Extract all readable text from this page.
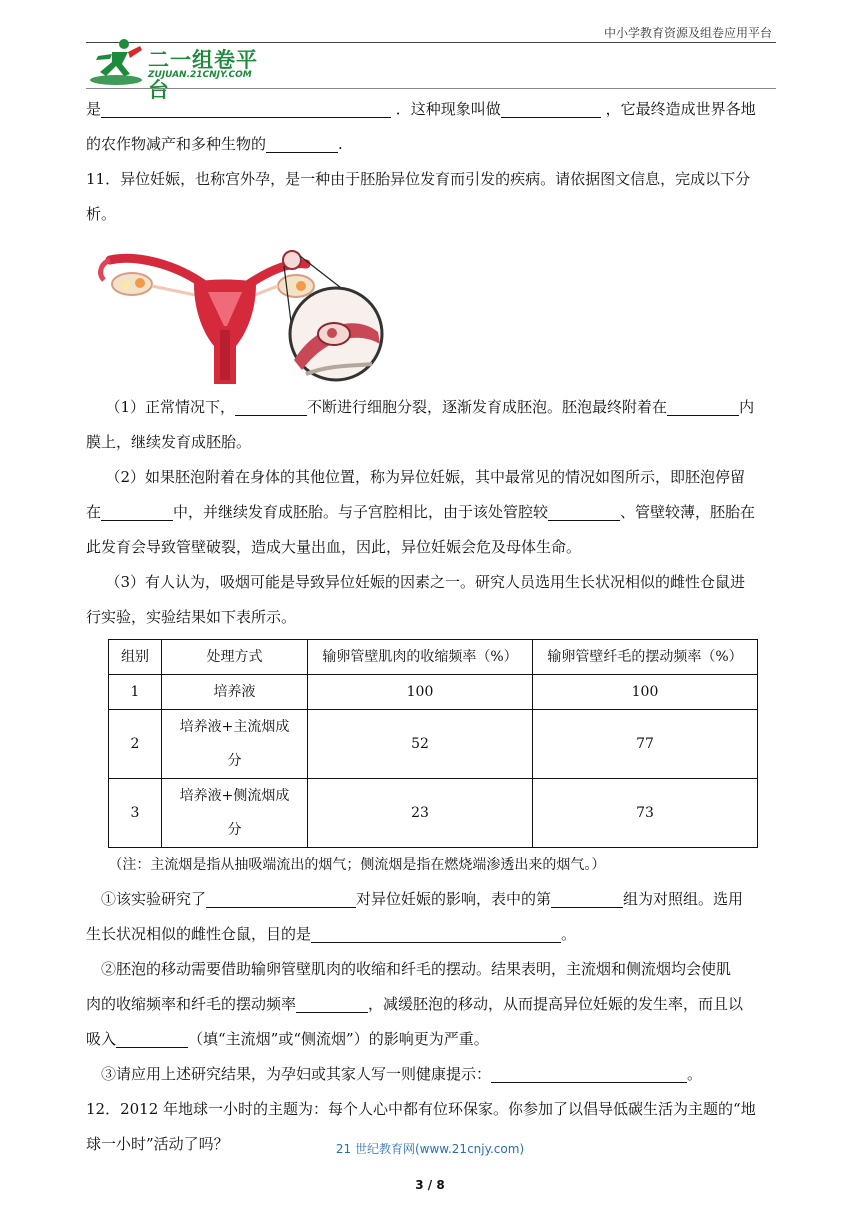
中小学教育资源及组卷应用平台
二一组卷平台
ZUJUAN.21CNJY.COM

是	．这种现象叫做	，它最终造成世界各地

的农作物减产和多种生物的	.

11．异位妊娠，也称宫外孕，是一种由于胚胎异位发育而引发的疾病。请依据图文信息，完成以下分

析。

（1）正常情况下，	不断进行细胞分裂，逐渐发育成胚泡。胚泡最终附着在	内

膜上，继续发育成胚胎。

（2）如果胚泡附着在身体的其他位置，称为异位妊娠，其中最常见的情况如图所示，即胚泡停留

在	中，并继续发育成胚胎。与子宫腔相比，由于该处管腔较	、管壁较薄，胚胎在

此发育会导致管壁破裂，造成大量出血，因此，异位妊娠会危及母体生命。

（3）有人认为，吸烟可能是导致异位妊娠的因素之一。研究人员选用生长状况相似的雌性仓鼠进

行实验，实验结果如下表所示。

组别	处理方式	输卵管壁肌肉的收缩频率（%）	输卵管壁纤毛的摆动频率（%）
1	培养液	100	100
2	培养液+主流烟成
分	52	77
3	培养液+侧流烟成
分	23	73

（注：主流烟是指从抽吸端流出的烟气；侧流烟是指在燃烧端渗透出来的烟气。）

①该实验研究了	对异位妊娠的影响，表中的第	组为对照组。选用

生长状况相似的雌性仓鼠，目的是	。

②胚泡的移动需要借助输卵管壁肌肉的收缩和纤毛的摆动。结果表明，主流烟和侧流烟均会使肌

肉的收缩频率和纤毛的摆动频率	，减缓胚泡的移动，从而提高异位妊娠的发生率，而且以

吸入	（填“主流烟”或“侧流烟”）的影响更为严重。

③请应用上述研究结果，为孕妇或其家人写一则健康提示：	。

12．2012 年地球一小时的主题为：每个人心中都有位环保家。你参加了以倡导低碳生活为主题的“地

球一小时”活动了吗？	21 世纪教育网(www.21cnjy.com)
3 / 8
